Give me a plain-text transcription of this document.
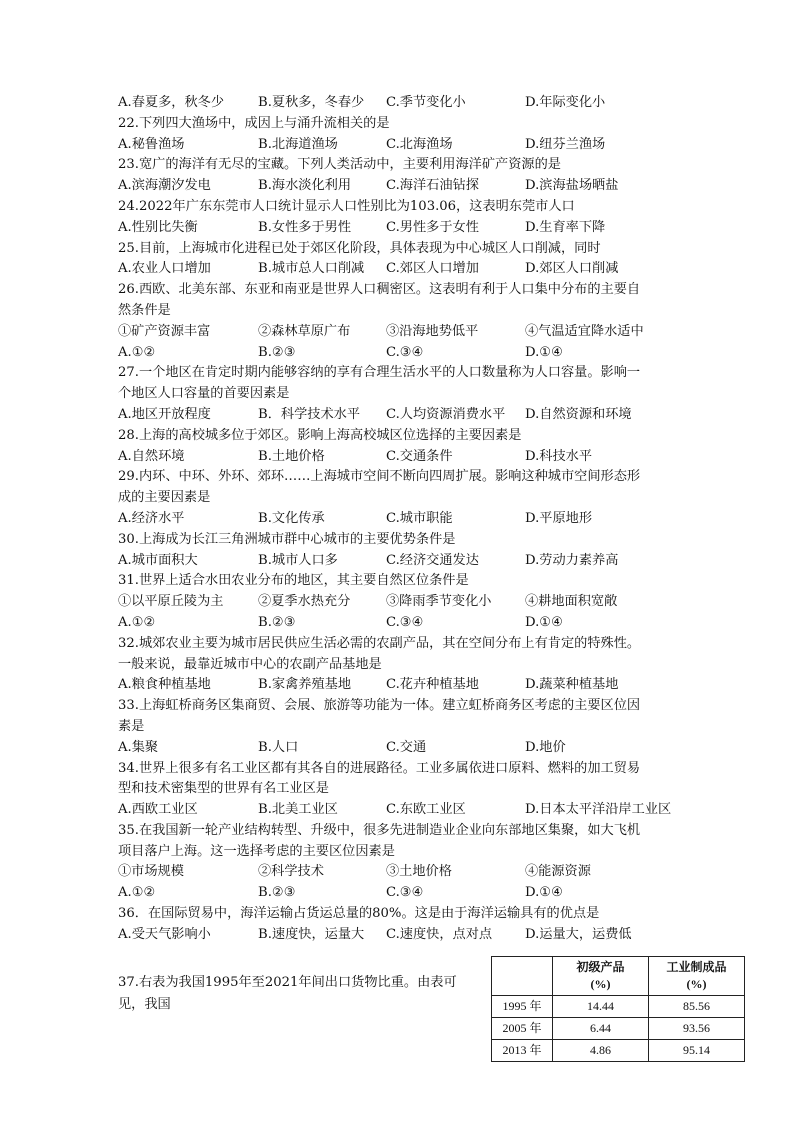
A.春夏多，秋冬少	B.夏秋多，冬春少 C.季节变化小	D.年际变化小
22.下列四大渔场中，成因上与涌升流相关的是
A.秘鲁渔场	B.北海道渔场	C.北海渔场	D.纽芬兰渔场
23.宽广的海洋有无尽的宝藏。下列人类活动中，主要利用海洋矿产资源的是
A.滨海潮汐发电	B.海水淡化利用	C.海洋石油钻探	D.滨海盐场晒盐
24.2022年广东东莞市人口统计显示人口性别比为103.06，这表明东莞市人口
A.性别比失衡	B.女性多于男性	C.男性多于女性	D.生育率下降
25.目前，上海城市化进程已处于郊区化阶段，具体表现为中心城区人口削减，同时
A.农业人口增加	B.城市总人口削减 C.郊区人口增加	D.郊区人口削减
26.西欧、北美东部、东亚和南亚是世界人口稠密区。这表明有利于人口集中分布的主要自
然条件是
①矿产资源丰富	②森林草原广布	③沿海地势低平	④气温适宜降水适中
A.①②	B.②③	C.③④	D.①④
27.一个地区在肯定时期内能够容纳的享有合理生活水平的人口数量称为人口容量。影响一
个地区人口容量的首要因素是
A.地区开放程度	B．科学技术水平 C.人均资源消费水平 D.自然资源和环境
28.上海的高校城多位于郊区。影响上海高校城区位选择的主要因素是
A.自然环境	B.土地价格	C.交通条件	D.科技水平
29.内环、中环、外环、郊环……上海城市空间不断向四周扩展。影响这种城市空间形态形
成的主要因素是
A.经济水平	B.文化传承	C.城市职能	D.平原地形
30.上海成为长江三角洲城市群中心城市的主要优势条件是
A.城市面积大	B.城市人口多	C.经济交通发达	D.劳动力素养高
31.世界上适合水田农业分布的地区，其主要自然区位条件是
①以平原丘陵为主	②夏季水热充分	③降雨季节变化小	④耕地面积宽敞
A.①②	B.②③	C.③④	D.①④
32.城郊农业主要为城市居民供应生活必需的农副产品，其在空间分布上有肯定的特殊性。
一般来说，最靠近城市中心的农副产品基地是
A.粮食种植基地	B.家禽养殖基地	C.花卉种植基地	D.蔬菜种植基地
33.上海虹桥商务区集商贸、会展、旅游等功能为一体。建立虹桥商务区考虑的主要区位因
素是
A.集聚	B.人口	C.交通	D.地价
34.世界上很多有名工业区都有其各自的进展路径。工业多属依进口原料、燃料的加工贸易
型和技术密集型的世界有名工业区是
A.西欧工业区	B.北美工业区	C.东欧工业区	D.日本太平洋沿岸工业区
35.在我国新一轮产业结构转型、升级中，很多先进制造业企业向东部地区集聚，如大飞机
项目落户上海。这一选择考虑的主要区位因素是
①市场规模	②科学技术	③土地价格	④能源资源
A.①②	B.②③	C.③④	D.①④
36．在国际贸易中，海洋运输占货运总量的80%。这是由于海洋运输具有的优点是
A.受天气影响小	B.速度快，运量大 C.速度快，点对点 D.运量大，运费低
37.右表为我国1995年至2021年间出口货物比重。由表可
见，我国
	初级产品
(%)	工业制成品
(%)
1995 年	14.44	85.56
2005 年	6.44	93.56
2013 年	4.86	95.14
